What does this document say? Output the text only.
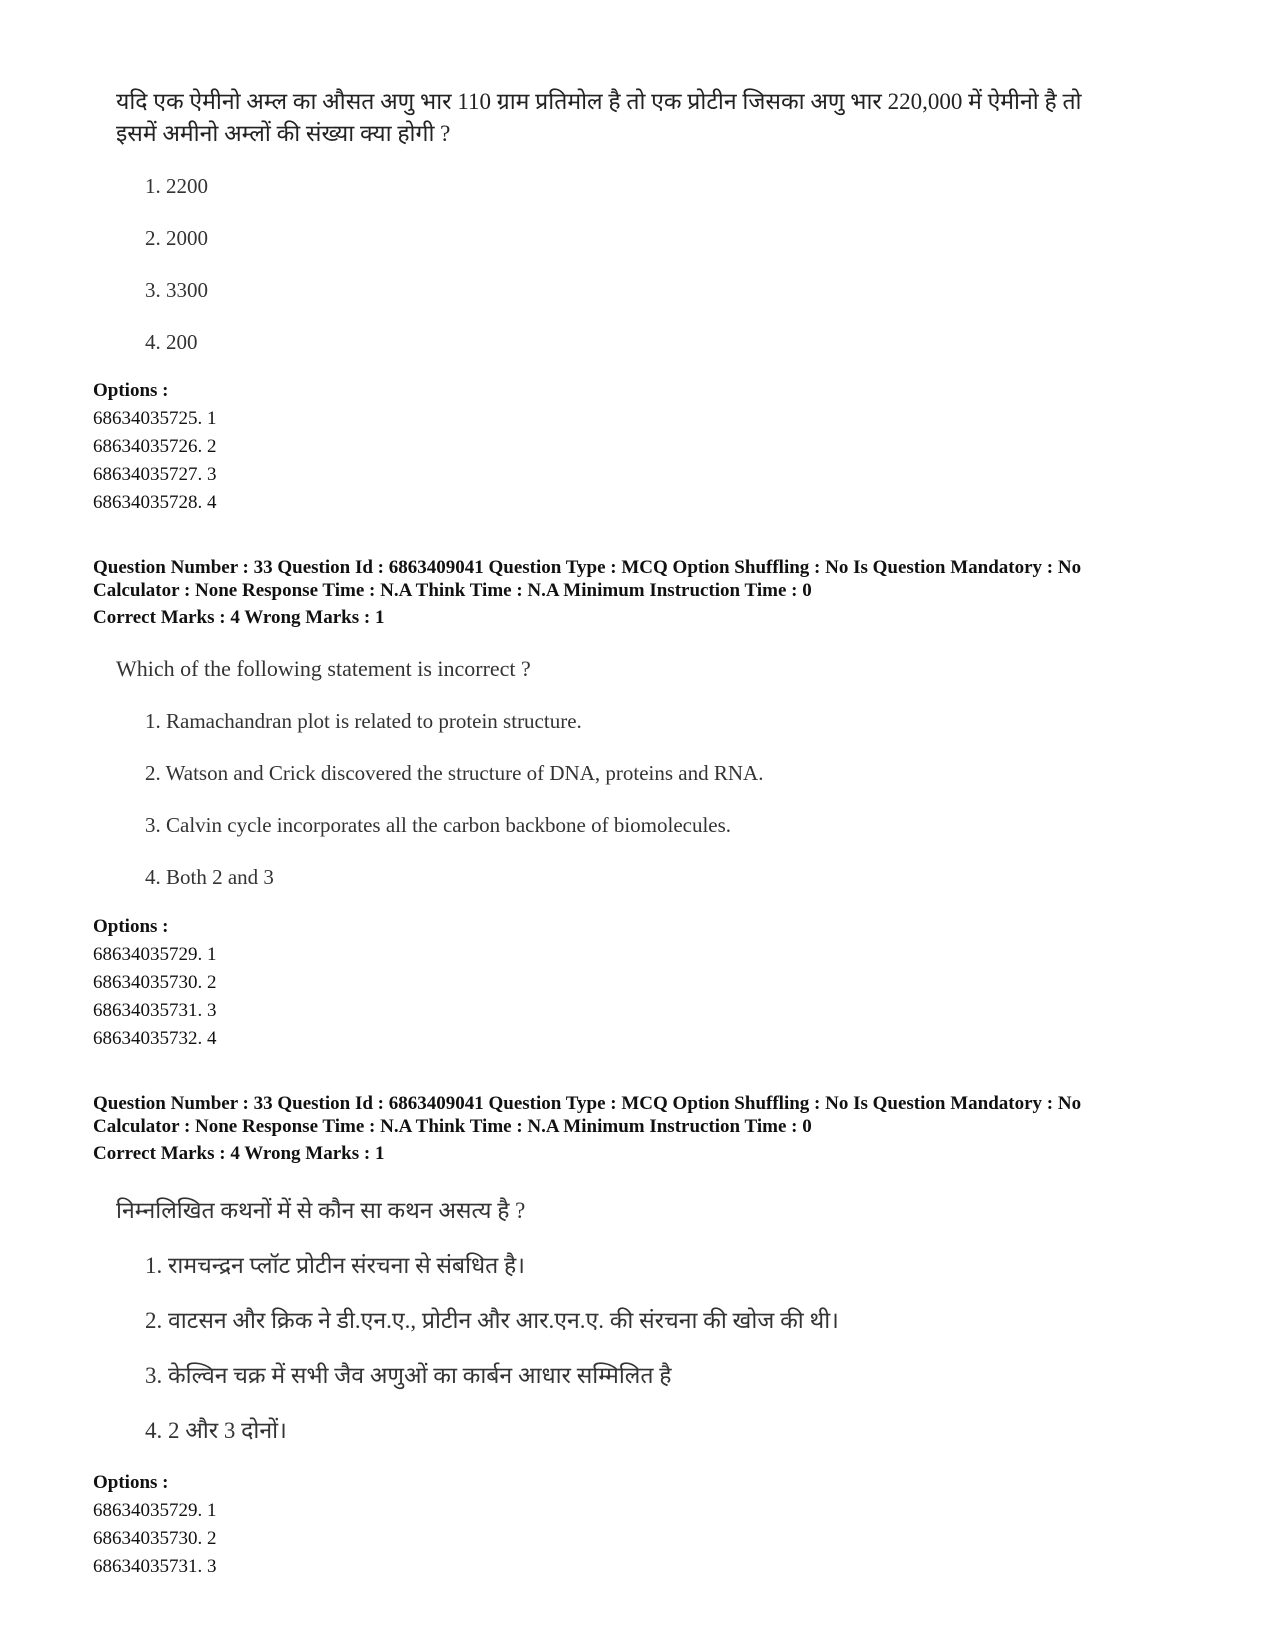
यदि एक ऐमीनो अम्ल का औसत अणु भार 110 ग्राम प्रतिमोल है तो एक प्रोटीन जिसका अणु भार 220,000 में ऐमीनो है तो
इसमें अमीनो अम्लों की संख्या क्या होगी ?
1. 2200
2. 2000
3. 3300
4. 200
Options :
68634035725. 1
68634035726. 2
68634035727. 3
68634035728. 4
Question Number : 33 Question Id : 6863409041 Question Type : MCQ Option Shuffling : No Is Question Mandatory : No
Calculator : None Response Time : N.A Think Time : N.A Minimum Instruction Time : 0
Correct Marks : 4 Wrong Marks : 1
Which of the following statement is incorrect ?
1. Ramachandran plot is related to protein structure.
2. Watson and Crick discovered the structure of DNA, proteins and RNA.
3. Calvin cycle incorporates all the carbon backbone of biomolecules.
4. Both 2 and 3
Options :
68634035729. 1
68634035730. 2
68634035731. 3
68634035732. 4
Question Number : 33 Question Id : 6863409041 Question Type : MCQ Option Shuffling : No Is Question Mandatory : No
Calculator : None Response Time : N.A Think Time : N.A Minimum Instruction Time : 0
Correct Marks : 4 Wrong Marks : 1
निम्नलिखित कथनों में से कौन सा कथन असत्य है ?
1. रामचन्द्रन प्लॉट प्रोटीन संरचना से संबधित है।
2. वाटसन और क्रिक ने डी.एन.ए., प्रोटीन और आर.एन.ए. की संरचना की खोज की थी।
3. केल्विन चक्र में सभी जैव अणुओं का कार्बन आधार सम्मिलित है
4. 2 और 3 दोनों।
Options :
68634035729. 1
68634035730. 2
68634035731. 3
